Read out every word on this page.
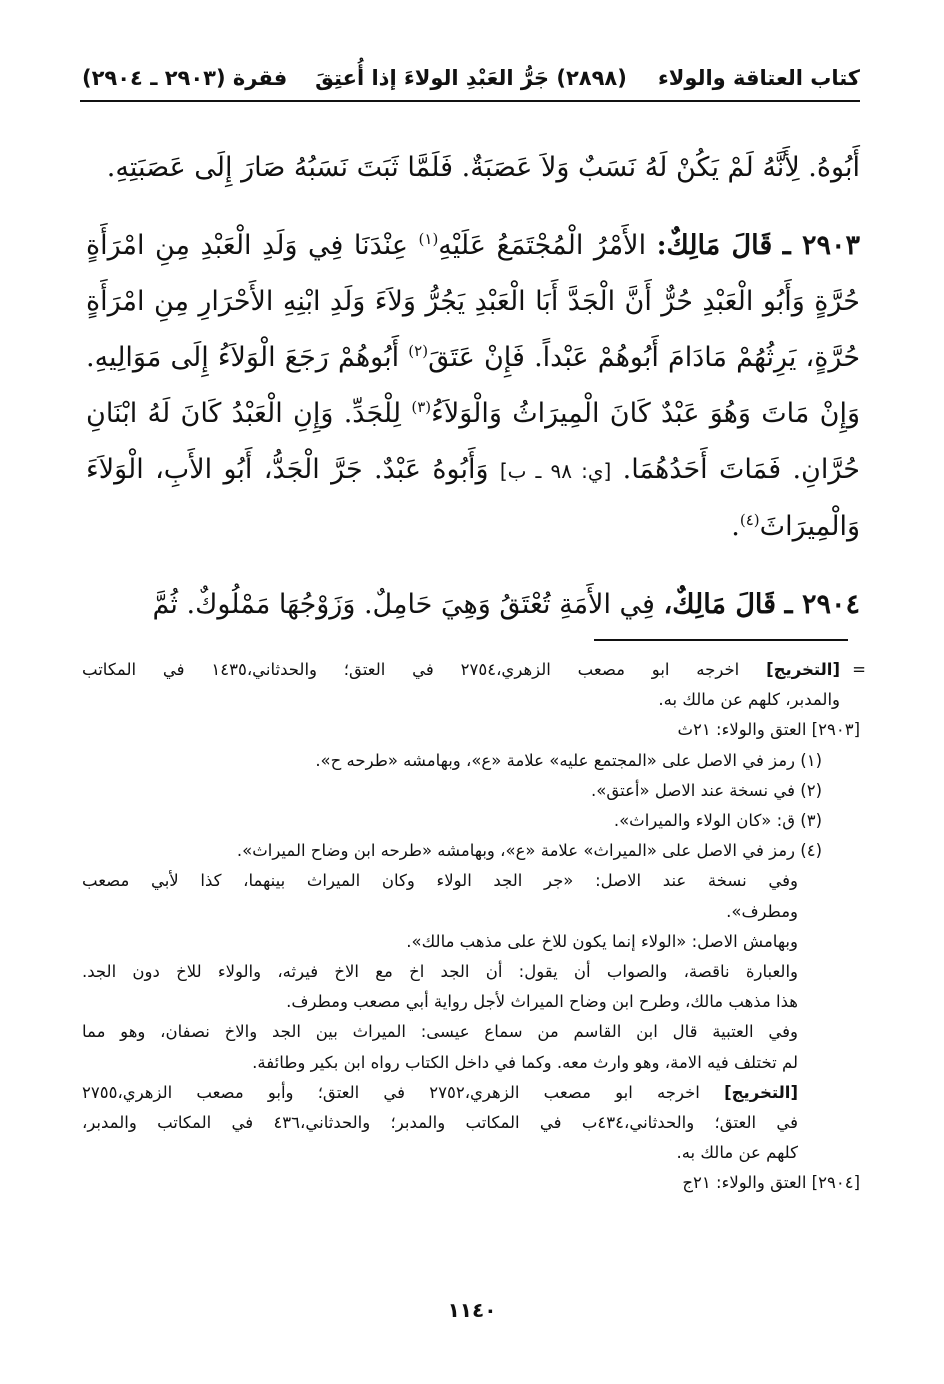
كتاب العتاقة والولاء
(٢٨٩٨) جَرُّ العَبْدِ الولاءَ إذا أُعتِقَ
(٢٩٠٣ ـ ٢٩٠٤) فقرة

أَبُوهُ. لِأَنَّهُ لَمْ يَكُنْ لَهُ نَسَبٌ وَلاَ عَصَبَةٌ. فَلَمَّا ثَبَتَ نَسَبُهُ صَارَ إِلَى عَصَبَتِهِ.

٢٩٠٣ ـ قَالَ مَالِكٌ: الأَمْرُ الْمُجْتَمَعُ عَلَيْهِ$^{(١)}$ عِنْدَنَا فِي وَلَدِ الْعَبْدِ مِنِ امْرَأَةٍ حُرَّةٍ وَأَبُو الْعَبْدِ حُرٌّ أَنَّ الْجَدَّ أَبَا الْعَبْدِ يَجُرُّ وَلاَءَ وَلَدِ ابْنِهِ الأَحْرَارِ مِنِ امْرَأَةٍ حُرَّةٍ، يَرِثُهُمْ مَادَامَ أَبُوهُمْ عَبْداً. فَإِنْ عَتَقَ$^{(٢)}$ أَبُوهُمْ رَجَعَ الْوَلاَءُ إِلَى مَوَالِيهِ. وَإِنْ مَاتَ وَهُوَ عَبْدٌ كَانَ الْمِيرَاثُ وَالْوَلاَءُ$^{(٣)}$ لِلْجَدِّ. وَإِنِ الْعَبْدُ كَانَ لَهُ ابْنَانِ حُرَّانِ. فَمَاتَ أَحَدُهُمَا. [ي: ٩٨ ـ ب] وَأَبُوهُ عَبْدٌ. جَرَّ الْجَدُّ، أَبُو الأَبِ، الْوَلاَءَ وَالْمِيرَاثَ$^{(٤)}$.

٢٩٠٤ ـ قَالَ مَالِكٌ، فِي الأَمَةِ تُعْتَقُ وَهِيَ حَامِلٌ. وَزَوْجُهَا مَمْلُوكٌ. ثُمَّ

=
[التخريج] اخرجه ابو مصعب الزهري،٢٧٥٤ في العتق؛ والحدثاني،١٤٣٥ في المكاتب
والمدبر، كلهم عن مالك به.
[٢٩٠٣] العتق والولاء: ٢١ث
(١) رمز في الاصل على «المجتمع عليه» علامة «ع»، وبهامشه «طرحه ح».
(٢) في نسخة عند الاصل «أعتق».
(٣) ق: «كان الولاء والميراث».
(٤) رمز في الاصل على «الميراث» علامة «ع»، وبهامشه «طرحه ابن وضاح الميراث».
وفي نسخة عند الاصل: «جر الجد الولاء وكان الميراث بينهما، كذا لأبي مصعب
ومطرف».
وبهامش الاصل: «الولاء إنما يكون للاخ على مذهب مالك».
والعبارة ناقصة، والصواب أن يقول: أن الجد اخ مع الاخ فيرثه، والولاء للاخ دون الجد.
هذا مذهب مالك، وطرح ابن وضاح الميراث لأجل رواية أبي مصعب ومطرف.
وفي العتبية قال ابن القاسم من سماع عيسى: الميراث بين الجد والاخ نصفان، وهو مما
لم تختلف فيه الامة، وهو وارث معه. وكما في داخل الكتاب رواه ابن بكير وطائفة.
[التخريج] اخرجه ابو مصعب الزهري،٢٧٥٢ في العتق؛ وأبو مصعب الزهري،٢٧٥٥
في العتق؛ والحدثاني،٤٣٤ب في المكاتب والمدبر؛ والحدثاني،٤٣٦ في المكاتب والمدبر،
كلهم عن مالك به.
[٢٩٠٤] العتق والولاء: ٢١ج
١١٤٠
